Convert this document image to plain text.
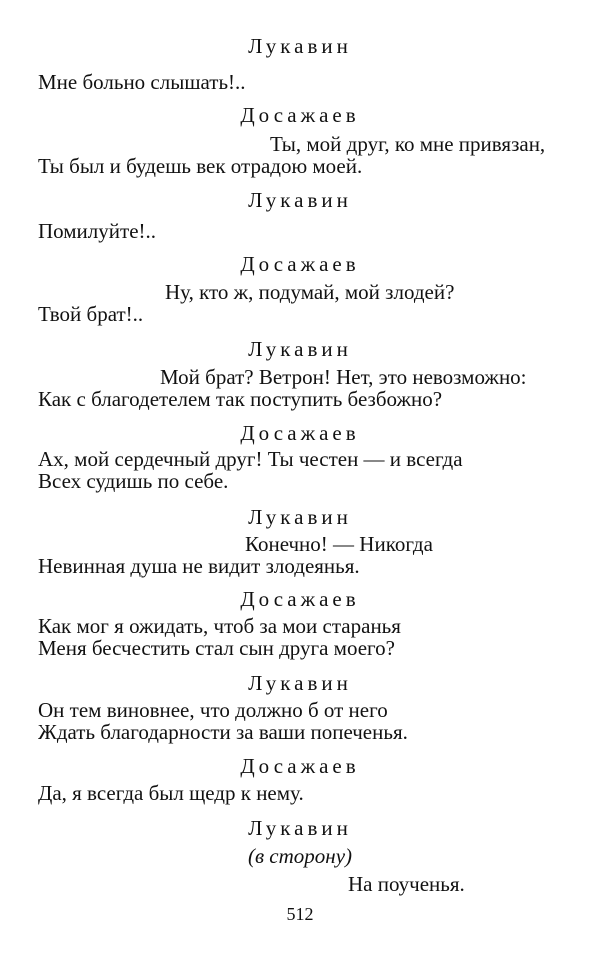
Лукавин
Мне больно слышать!..
Досажаев
Ты, мой друг, ко мне привязан,
Ты был и будешь век отрадою моей.
Лукавин
Помилуйте!..
Досажаев
Ну, кто ж, подумай, мой злодей?
Твой брат!..
Лукавин
Мой брат? Ветрон! Нет, это невозможно:
Как с благодетелем так поступить безбожно?
Досажаев
Ах, мой сердечный друг! Ты честен — и всегда
Всех судишь по себе.
Лукавин
Конечно! — Никогда
Невинная душа не видит злодеянья.
Досажаев
Как мог я ожидать, чтоб за мои старанья
Меня бесчестить стал сын друга моего?
Лукавин
Он тем виновнее, что должно б от него
Ждать благодарности за ваши попеченья.
Досажаев
Да, я всегда был щедр к нему.
Лукавин
(в сторону)
На поученья.
512
